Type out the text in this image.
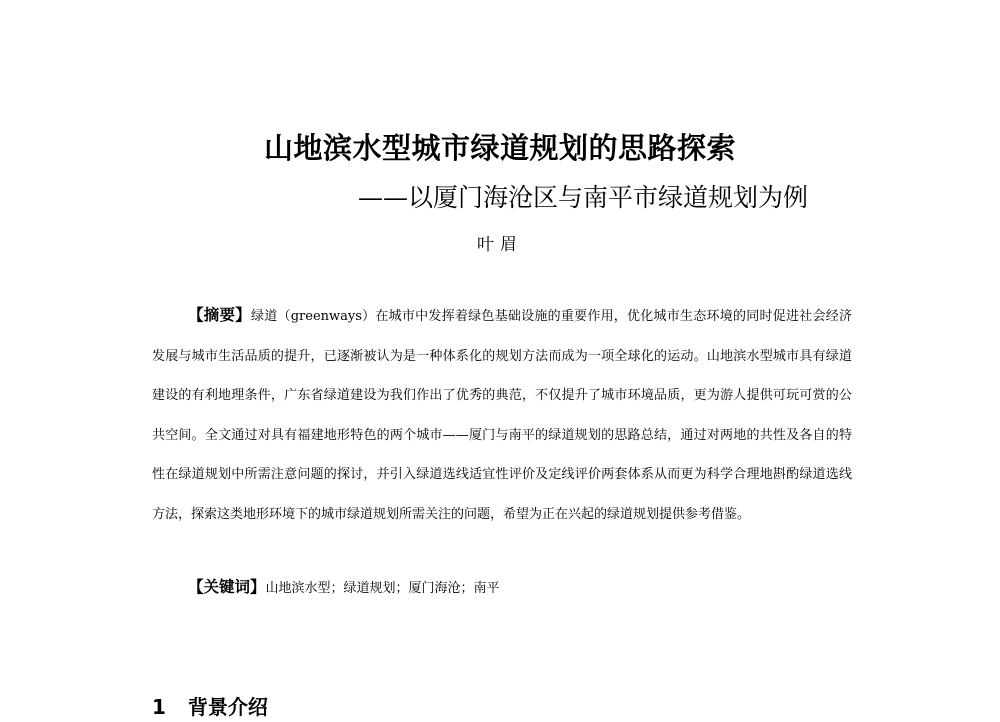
山地滨水型城市绿道规划的思路探索
——以厦门海沧区与南平市绿道规划为例
叶眉
【摘要】绿道（greenways）在城市中发挥着绿色基础设施的重要作用，优化城市生态环境的同时促进社会经济发展与城市生活品质的提升，已逐渐被认为是一种体系化的规划方法而成为一项全球化的运动。山地滨水型城市具有绿道建设的有利地理条件，广东省绿道建设为我们作出了优秀的典范，不仅提升了城市环境品质，更为游人提供可玩可赏的公共空间。全文通过对具有福建地形特色的两个城市——厦门与南平的绿道规划的思路总结，通过对两地的共性及各自的特性在绿道规划中所需注意问题的探讨，并引入绿道选线适宜性评价及定线评价两套体系从而更为科学合理地斟酌绿道选线方法，探索这类地形环境下的城市绿道规划所需关注的问题，希望为正在兴起的绿道规划提供参考借鉴。
【关键词】山地滨水型；绿道规划；厦门海沧；南平
1 背景介绍
